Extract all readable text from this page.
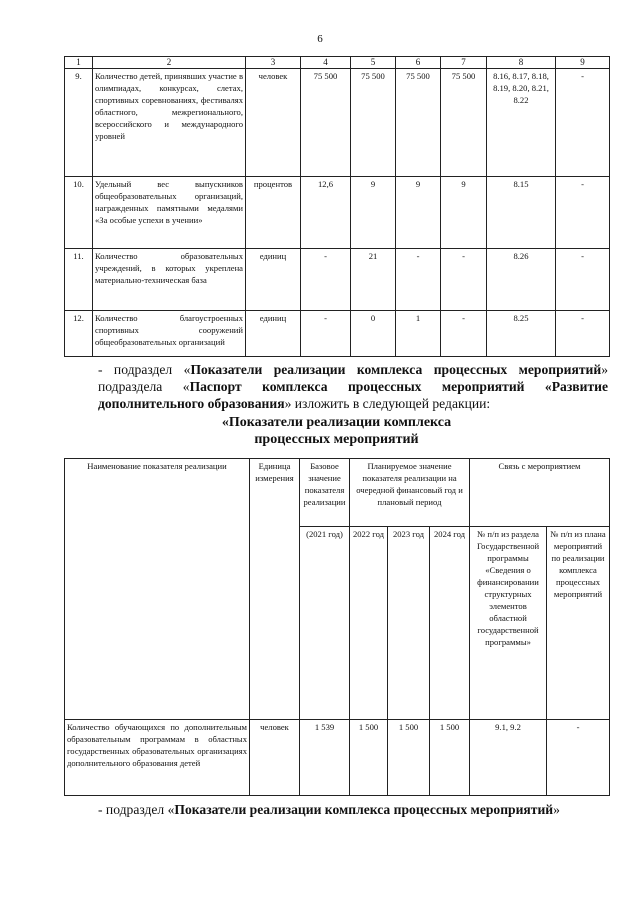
6
1	2	3	4	5	6	7	8	9
9.	Количество детей, принявших участие в олимпиадах, конкурсах, слетах, спортивных соревнованиях, фестивалях областного, межрегионального, всероссийского и международного уровней	человек	75 500	75 500	75 500	75 500	8.16, 8.17, 8.18, 8.19, 8.20, 8.21, 8.22	-
10.	Удельный вес выпускников общеобразовательных организаций, награжденных памятными медалями «За особые успехи в учении»	процентов	12,6	9	9	9	8.15	-
11.	Количество образовательных учреждений, в которых укреплена материально-техническая база	единиц	-	21	-	-	8.26	-
12.	Количество благоустроенных спортивных сооружений общеобразовательных организаций	единиц	-	0	1	-	8.25	-
- подраздел «Показатели реализации комплекса процессных мероприятий» подраздела «Паспорт комплекса процессных мероприятий «Развитие дополнительного образования» изложить в следующей редакции:
«Показатели реализации комплекса
процессных мероприятий
Наименование показателя реализации	Единица измерения	Базовое значение показателя реализации	Планируемое значение показателя реализации на очередной финансовый год и плановый период			Связь с мероприятием	
		(2021 год)	2022 год	2023 год	2024 год	№ п/п из раздела Государственной программы «Сведения о финансировании структурных элементов областной государственной программы»	№ п/п из плана мероприятий по реализации комплекса процессных мероприятий
Количество обучающихся по дополнительным образовательным программам в областных государственных образовательных организациях дополнительного образования детей	человек	1 539	1 500	1 500	1 500	9.1, 9.2	-
- подраздел «Показатели реализации комплекса процессных мероприятий»
